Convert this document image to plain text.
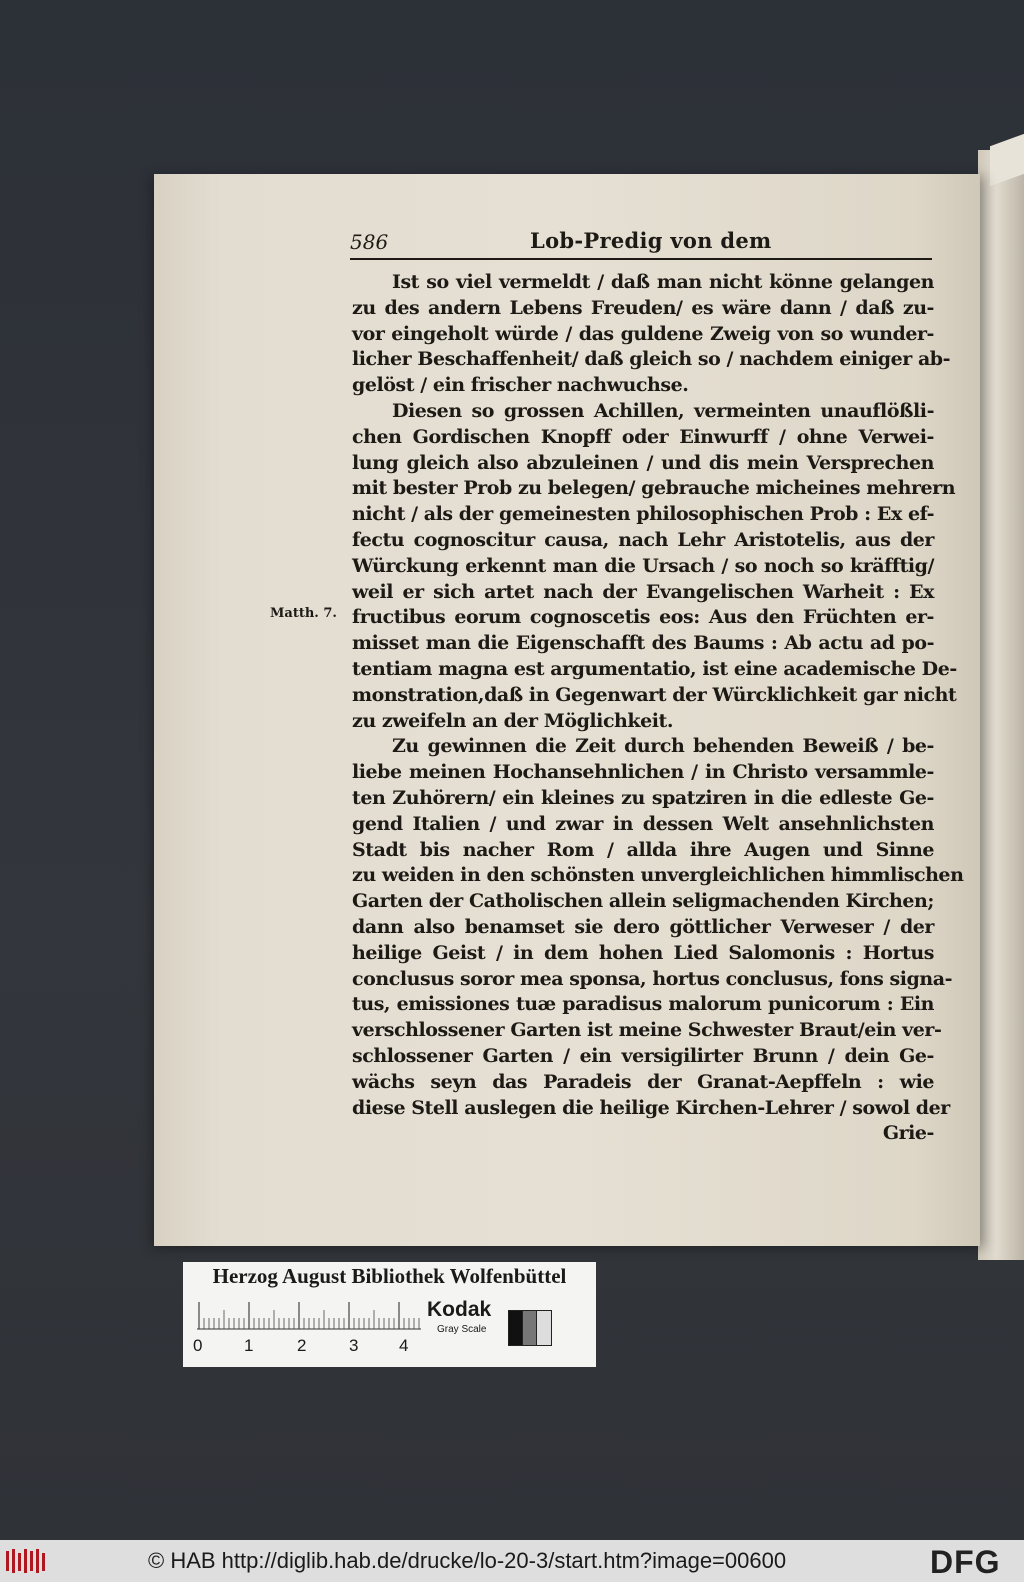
586	Lob-Predig von dem
Matth. 7.
Ist so viel vermeldt / daß man nicht könne gelangen
zu des andern Lebens Freuden/ es wäre dann / daß zu-
vor eingeholt würde / das guldene Zweig von so wunder-
licher Beschaffenheit/ daß gleich so / nachdem einiger ab-
gelöst / ein frischer nachwuchse.
Diesen so grossen Achillen, vermeinten unauflößli-
chen Gordischen Knopff oder Einwurff / ohne Verwei-
lung gleich also abzuleinen / und dis mein Versprechen
mit bester Prob zu belegen/ gebrauche micheines mehrern
nicht / als der gemeinesten philosophischen Prob : Ex ef-
fectu cognoscitur causa, nach Lehr Aristotelis, aus der
Würckung erkennt man die Ursach / so noch so kräfftig/
weil er sich artet nach der Evangelischen Warheit : Ex
fructibus eorum cognoscetis eos: Aus den Früchten er-
misset man die Eigenschafft des Baums : Ab actu ad po-
tentiam magna est argumentatio, ist eine academische De-
monstration,daß in Gegenwart der Würcklichkeit gar nicht
zu zweifeln an der Möglichkeit.
Zu gewinnen die Zeit durch behenden Beweiß / be-
liebe meinen Hochansehnlichen / in Christo versammle-
ten Zuhörern/ ein kleines zu spatziren in die edleste Ge-
gend Italien / und zwar in dessen Welt ansehnlichsten
Stadt bis nacher Rom / allda ihre Augen und Sinne
zu weiden in den schönsten unvergleichlichen himmlischen
Garten der Catholischen allein seligmachenden Kirchen;
dann also benamset sie dero göttlicher Verweser / der
heilige Geist / in dem hohen Lied Salomonis : Hortus
conclusus soror mea sponsa, hortus conclusus, fons signa-
tus, emissiones tuæ paradisus malorum punicorum : Ein
verschlossener Garten ist meine Schwester Braut/ein ver-
schlossener Garten / ein versigilirter Brunn / dein Ge-
wächs seyn das Paradeis der Granat-Aepffeln : wie
diese Stell auslegen die heilige Kirchen-Lehrer / sowol der
Grie-
Herzog August Bibliothek Wolfenbüttel
0 1	2	3 4
Kodak
Gray Scale
© HAB http://diglib.hab.de/drucke/lo-20-3/start.htm?image=00600	DFG
